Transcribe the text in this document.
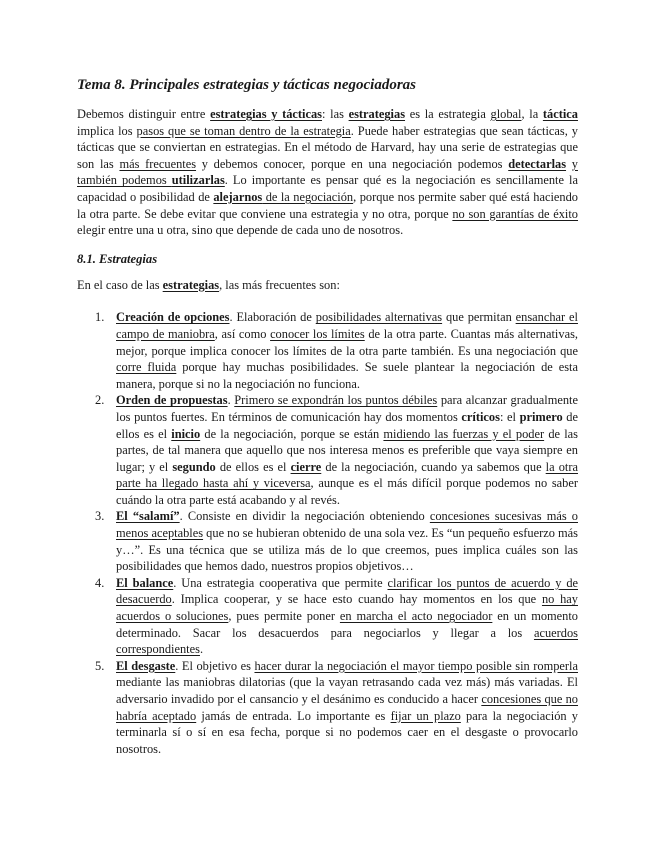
Tema 8. Principales estrategias y tácticas negociadoras

Debemos distinguir entre estrategias y tácticas: las estrategias es la estrategia global, la táctica implica los pasos que se toman dentro de la estrategia. Puede haber estrategias que sean tácticas, y tácticas que se conviertan en estrategias. En el método de Harvard, hay una serie de estrategias que son las más frecuentes y debemos conocer, porque en una negociación podemos detectarlas y también podemos utilizarlas. Lo importante es pensar qué es la negociación es sencillamente la capacidad o posibilidad de alejarnos de la negociación, porque nos permite saber qué está haciendo la otra parte. Se debe evitar que conviene una estrategia y no otra, porque no son garantías de éxito elegir entre una u otra, sino que depende de cada uno de nosotros.

8.1. Estrategias

En el caso de las estrategias, las más frecuentes son:

1. Creación de opciones. Elaboración de posibilidades alternativas que permitan ensanchar el campo de maniobra, así como conocer los límites de la otra parte. Cuantas más alternativas, mejor, porque implica conocer los límites de la otra parte también. Es una negociación que corre fluida porque hay muchas posibilidades. Se suele plantear la negociación de esta manera, porque si no la negociación no funciona.
2. Orden de propuestas. Primero se expondrán los puntos débiles para alcanzar gradualmente los puntos fuertes. En términos de comunicación hay dos momentos críticos: el primero de ellos es el inicio de la negociación, porque se están midiendo las fuerzas y el poder de las partes, de tal manera que aquello que nos interesa menos es preferible que vaya siempre en lugar; y el segundo de ellos es el cierre de la negociación, cuando ya sabemos que la otra parte ha llegado hasta ahí y viceversa, aunque es el más difícil porque podemos no saber cuándo la otra parte está acabando y al revés.
3. El “salamí”. Consiste en dividir la negociación obteniendo concesiones sucesivas más o menos aceptables que no se hubieran obtenido de una sola vez. Es “un pequeño esfuerzo más y…”. Es una técnica que se utiliza más de lo que creemos, pues implica cuáles son las posibilidades que hemos dado, nuestros propios objetivos…
4. El balance. Una estrategia cooperativa que permite clarificar los puntos de acuerdo y de desacuerdo. Implica cooperar, y se hace esto cuando hay momentos en los que no hay acuerdos o soluciones, pues permite poner en marcha el acto negociador en un momento determinado. Sacar los desacuerdos para negociarlos y llegar a los acuerdos correspondientes.
5. El desgaste. El objetivo es hacer durar la negociación el mayor tiempo posible sin romperla mediante las maniobras dilatorias (que la vayan retrasando cada vez más) más variadas. El adversario invadido por el cansancio y el desánimo es conducido a hacer concesiones que no habría aceptado jamás de entrada. Lo importante es fijar un plazo para la negociación y terminarla sí o sí en esa fecha, porque si no podemos caer en el desgaste o provocarlo nosotros.
